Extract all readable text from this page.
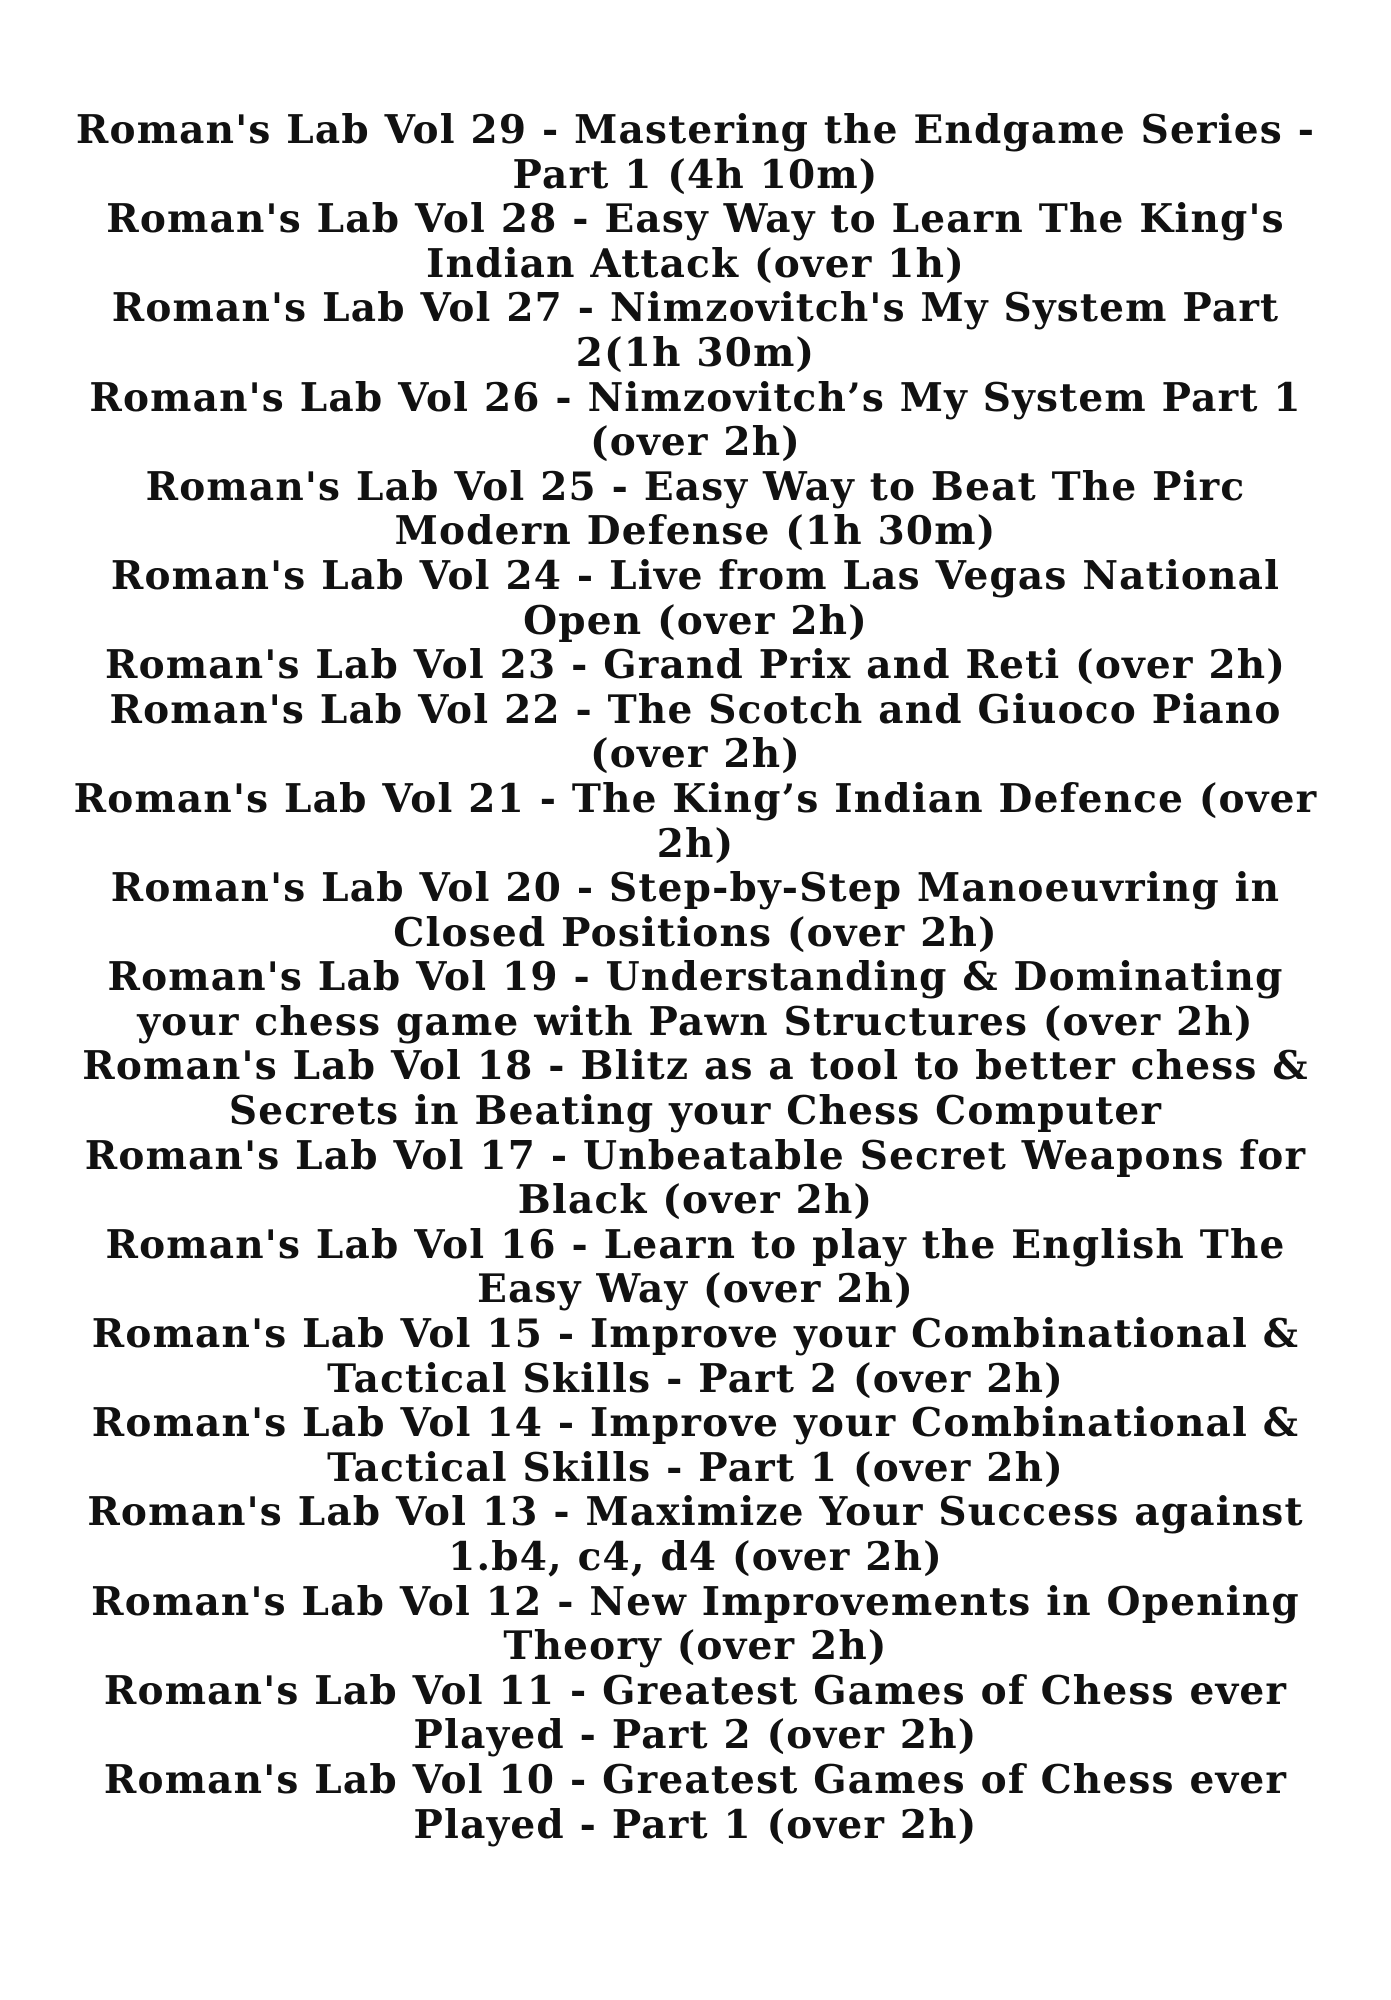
Roman's Lab Vol 29 - Mastering the Endgame Series - Part 1 (4h 10m)
Roman's Lab Vol 28 - Easy Way to Learn The King's Indian Attack (over 1h)
Roman's Lab Vol 27 - Nimzovitch's My System Part 2(1h 30m)
Roman's Lab Vol 26 - Nimzovitch’s My System Part 1 (over 2h)
Roman's Lab Vol 25 - Easy Way to Beat The Pirc Modern Defense (1h 30m)
Roman's Lab Vol 24 - Live from Las Vegas National Open (over 2h)
Roman's Lab Vol 23 - Grand Prix and Reti (over 2h)
Roman's Lab Vol 22 - The Scotch and Giuoco Piano (over 2h)
Roman's Lab Vol 21 - The King’s Indian Defence (over 2h)
Roman's Lab Vol 20 - Step-by-Step Manoeuvring in Closed Positions (over 2h)
Roman's Lab Vol 19 - Understanding & Dominating your chess game with Pawn Structures (over 2h)
Roman's Lab Vol 18 - Blitz as a tool to better chess & Secrets in Beating your Chess Computer
Roman's Lab Vol 17 - Unbeatable Secret Weapons for Black (over 2h)
Roman's Lab Vol 16 - Learn to play the English The Easy Way (over 2h)
Roman's Lab Vol 15 - Improve your Combinational & Tactical Skills - Part 2 (over 2h)
Roman's Lab Vol 14 - Improve your Combinational & Tactical Skills - Part 1 (over 2h)
Roman's Lab Vol 13 - Maximize Your Success against 1.b4, c4, d4 (over 2h)
Roman's Lab Vol 12 - New Improvements in Opening Theory (over 2h)
Roman's Lab Vol 11 - Greatest Games of Chess ever Played - Part 2 (over 2h)
Roman's Lab Vol 10 - Greatest Games of Chess ever Played - Part 1 (over 2h)
